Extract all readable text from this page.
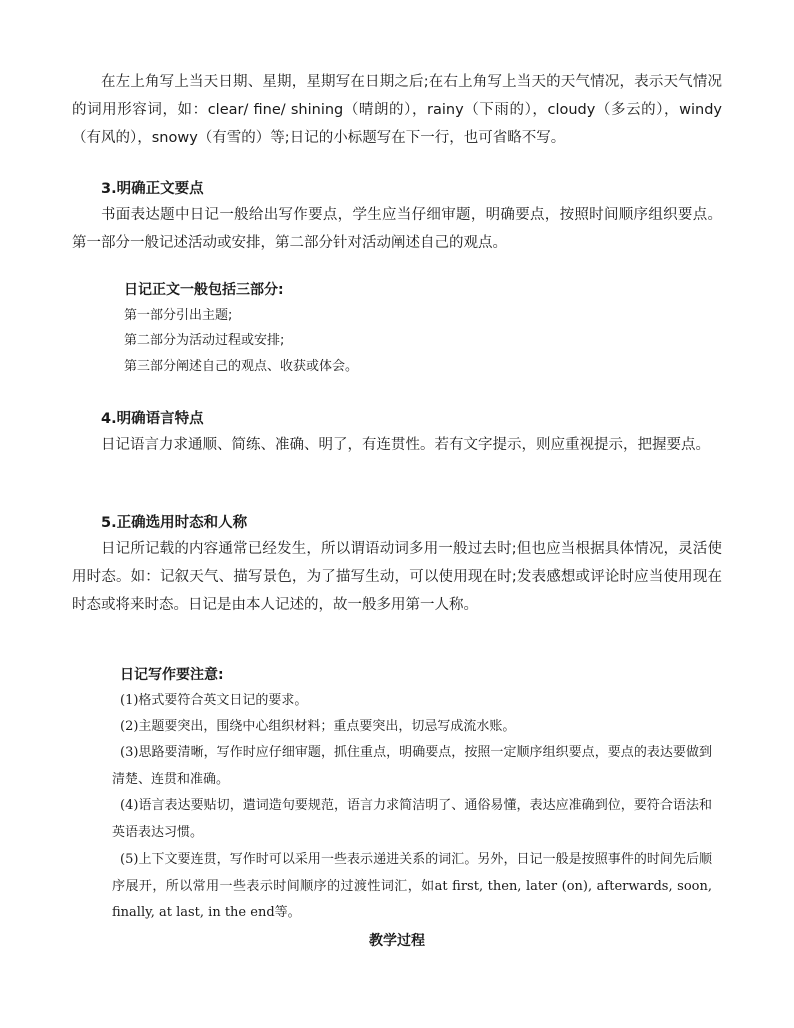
在左上角写上当天日期、星期，星期写在日期之后;在右上角写上当天的天气情况，表示天气情况的词用形容词，如：clear/ fine/ shining（晴朗的），rainy（下雨的），cloudy（多云的），windy（有风的），snowy（有雪的）等;日记的小标题写在下一行，也可省略不写。

3.明确正文要点

书面表达题中日记一般给出写作要点，学生应当仔细审题，明确要点，按照时间顺序组织要点。第一部分一般记述活动或安排，第二部分针对活动阐述自己的观点。

日记正文一般包括三部分:

第一部分引出主题;

第二部分为活动过程或安排;

第三部分阐述自己的观点、收获或体会。

4.明确语言特点

日记语言力求通顺、简练、准确、明了，有连贯性。若有文字提示，则应重视提示，把握要点。

5.正确选用时态和人称

日记所记载的内容通常已经发生，所以谓语动词多用一般过去时;但也应当根据具体情况，灵活使用时态。如：记叙天气、描写景色，为了描写生动，可以使用现在时;发表感想或评论时应当使用现在时态或将来时态。日记是由本人记述的，故一般多用第一人称。

日记写作要注意:

(1)格式要符合英文日记的要求。

(2)主题要突出，围绕中心组织材料；重点要突出，切忌写成流水账。

(3)思路要清晰，写作时应仔细审题，抓住重点，明确要点，按照一定顺序组织要点，要点的表达要做到清楚、连贯和准确。

(4)语言表达要贴切，遣词造句要规范，语言力求简洁明了、通俗易懂，表达应准确到位，要符合语法和英语表达习惯。

(5)上下文要连贯，写作时可以采用一些表示递进关系的词汇。另外，日记一般是按照事件的时间先后顺序展开，所以常用一些表示时间顺序的过渡性词汇，如at first, then, later (on), afterwards, soon, finally, at last, in the end等。

教学过程
